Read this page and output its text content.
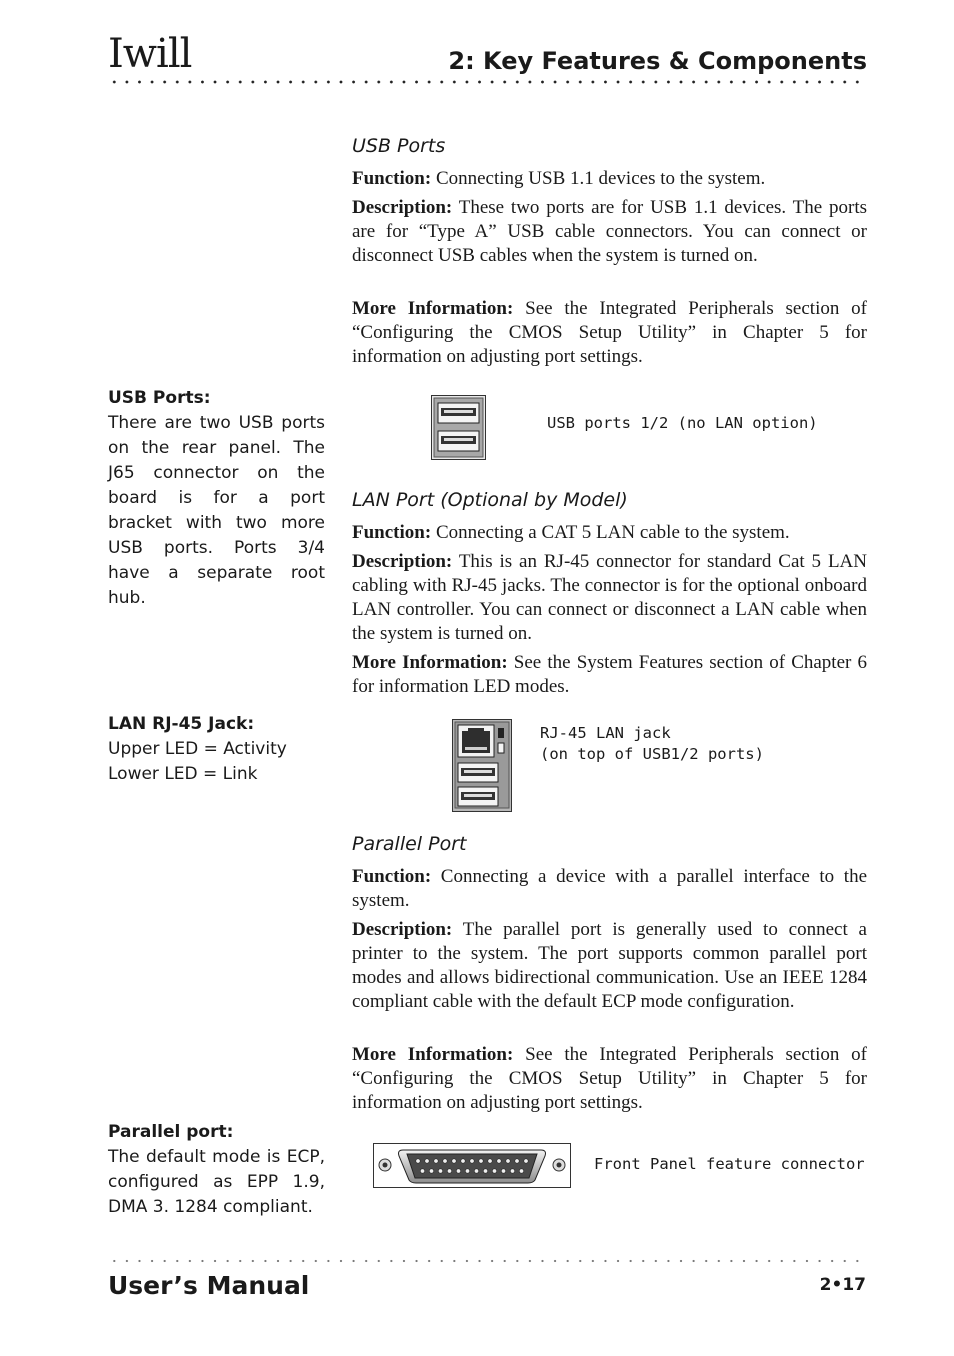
Iwill	2: Key Features & Components
USB Ports

Function: Connecting USB 1.1 devices to the system.

Description: These two ports are for USB 1.1 devices. The ports are for “Type A” USB cable connectors. You can connect or disconnect USB cables when the system is turned on.

More Information: See the Integrated Peripherals section of “Configuring the CMOS Setup Utility” in Chapter 5 for information on adjusting port settings.

USB Ports:
There are two USB ports on the rear panel. The J65 connector on the board is for a port bracket with two more USB ports. Ports 3/4 have a separate root hub.
USB ports 1/2 (no LAN option)
LAN Port (Optional by Model)

Function: Connecting a CAT 5 LAN cable to the system.

Description: This is an RJ-45 connector for standard Cat 5 LAN cabling with RJ-45 jacks. The connector is for the optional onboard LAN controller. You can connect or disconnect a LAN cable when the system is turned on.

More Information: See the System Features section of Chapter 6 for information LED modes.

LAN RJ-45 Jack:
Upper LED = Activity
Lower LED = Link
RJ-45 LAN jack
(on top of USB1/2 ports)
Parallel Port

Function: Connecting a device with a parallel interface to the system.

Description: The parallel port is generally used to connect a printer to the system. The port supports common parallel port modes and allows bidirectional communication. Use an IEEE 1284 compliant cable with the default ECP mode configuration.

More Information: See the Integrated Peripherals section of “Configuring the CMOS Setup Utility” in Chapter 5 for information on adjusting port settings.

Parallel port:
The default mode is ECP, configured as EPP 1.9, DMA 3. 1284 compliant.
Front Panel feature connector
User’s Manual	2•17
